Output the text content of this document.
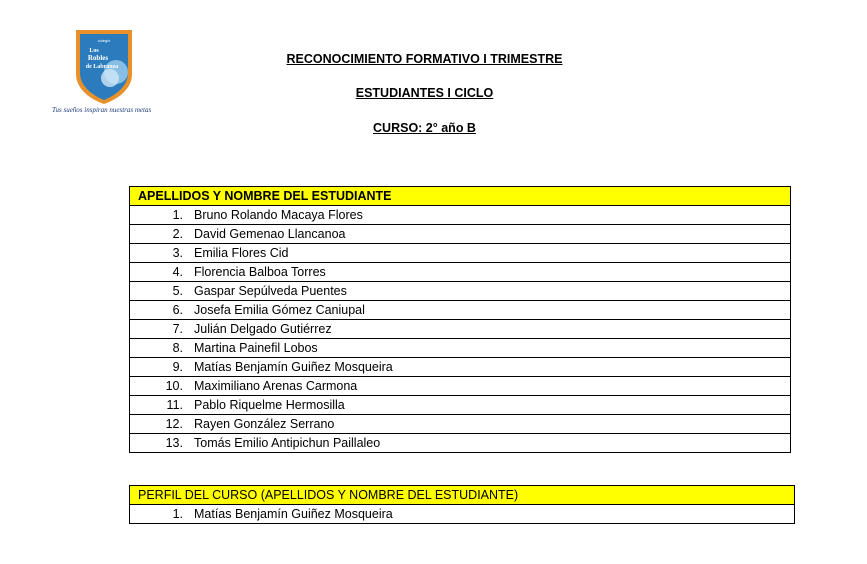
colegio
Los
Robles
de Labranza
Tus sueños inspiran nuestras metas
RECONOCIMIENTO FORMATIVO I TRIMESTRE
ESTUDIANTES I CICLO
CURSO: 2° año B
APELLIDOS Y NOMBRE DEL ESTUDIANTE
1. Bruno Rolando Macaya Flores
2. David Gemenao Llancanoa
3. Emilia Flores Cid
4. Florencia Balboa Torres
5. Gaspar Sepúlveda Puentes
6. Josefa Emilia Gómez Caniupal
7. Julián Delgado Gutiérrez
8. Martina Painefil Lobos
9. Matías Benjamín Guiñez Mosqueira
10. Maximiliano Arenas Carmona
11. Pablo Riquelme Hermosilla
12. Rayen González Serrano
13. Tomás Emilio Antipichun Paillaleo
PERFIL DEL CURSO (APELLIDOS Y NOMBRE DEL ESTUDIANTE)
1. Matías Benjamín Guiñez Mosqueira
